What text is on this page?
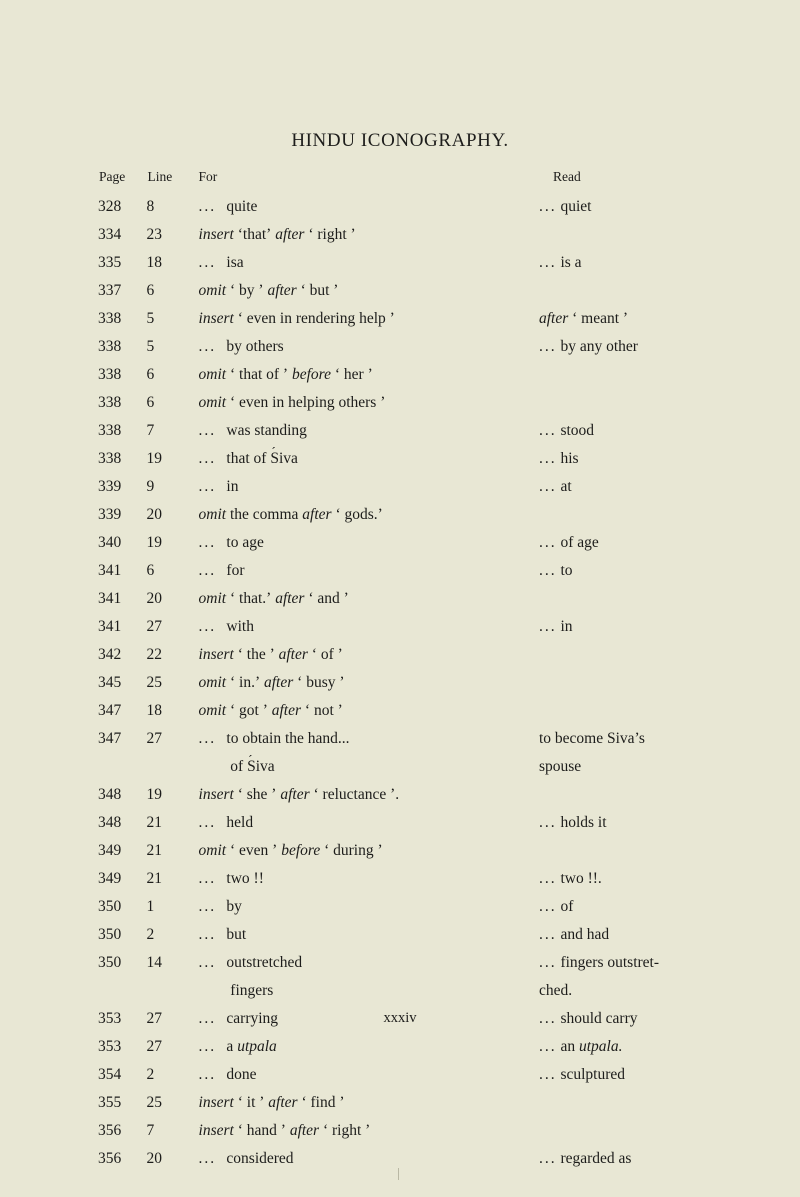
HINDU ICONOGRAPHY.
Page	Line	For	Read
328	8	... quite	... quiet
334	23	insert ‘that’ after ‘ right ’	
335	18	... isa	... is a
337	6	omit ‘ by ’ after ‘ but ’	
338	5	insert ‘ even in rendering help ’	after ‘ meant ’
338	5	... by others	... by any other
338	6	omit ‘ that of ’ before ‘ her ’	
338	6	omit ‘ even in helping others ’	
338	7	... was standing	... stood
338	19	... that of S ´iva	... his
339	9	... in	... at
339	20	omit the comma after ‘ gods.’	
340	19	... to age	... of age
341	6	... for	... to
341	20	omit ‘ that.’ after ‘ and ’	
341	27	... with	... in
342	22	insert ‘ the ’ after ‘ of ’	
345	25	omit ‘ in.’ after ‘ busy ’	
347	18	omit ‘ got ’ after ‘ not ’	
347	27	... to obtain the hand...	to become Siva’s
		of S ´iva	spouse
348	19	insert ‘ she ’ after ‘ reluctance ’.	
348	21	... held	... holds it
349	21	omit ‘ even ’ before ‘ during ’	
349	21	... two !!	... two !!.
350	1	... by	... of
350	2	... but	... and had
350	14	... outstretched	... fingers outstret-
		fingers	ched.
353	27	... carrying	... should carry
353	27	... a utpala	... an utpala.
354	2	... done	... sculptured
355	25	insert ‘ it ’ after ‘ find ’	
356	7	insert ‘ hand ’ after ‘ right ’	
356	20	... considered	... regarded as
xxxiv
